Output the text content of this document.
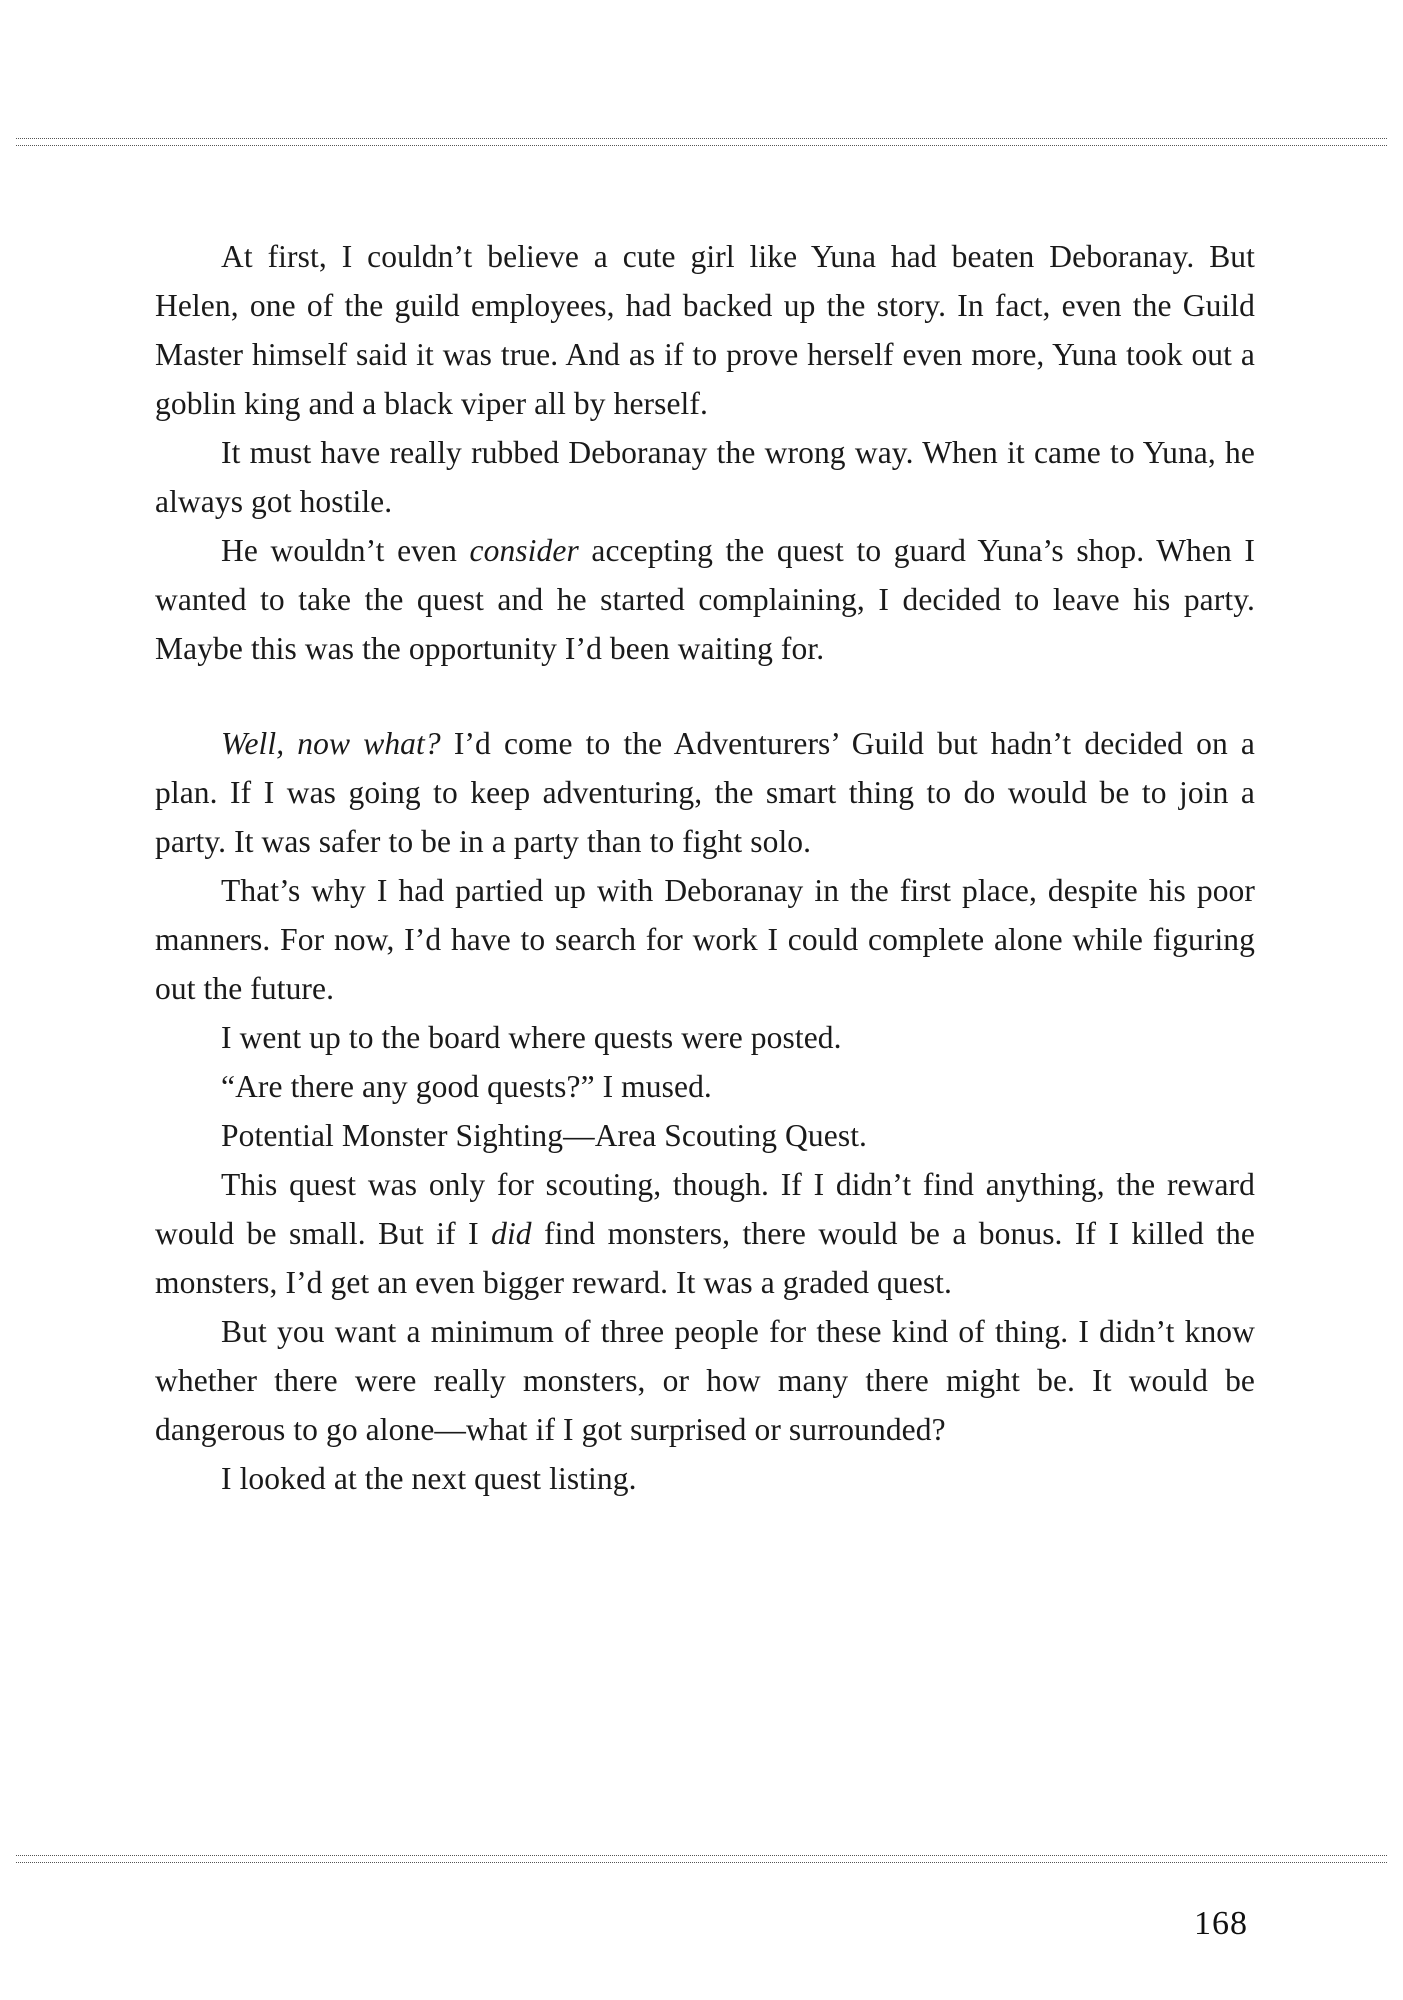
At first, I couldn’t believe a cute girl like Yuna had beaten Deboranay. But Helen, one of the guild employees, had backed up the story. In fact, even the Guild Master himself said it was true. And as if to prove herself even more, Yuna took out a goblin king and a black viper all by herself.

It must have really rubbed Deboranay the wrong way. When it came to Yuna, he always got hostile.

He wouldn’t even consider accepting the quest to guard Yuna’s shop. When I wanted to take the quest and he started complaining, I decided to leave his party. Maybe this was the opportunity I’d been waiting for.

Well, now what? I’d come to the Adventurers’ Guild but hadn’t decided on a plan. If I was going to keep adventuring, the smart thing to do would be to join a party. It was safer to be in a party than to fight solo.

That’s why I had partied up with Deboranay in the first place, despite his poor manners. For now, I’d have to search for work I could complete alone while figuring out the future.

I went up to the board where quests were posted.

“Are there any good quests?” I mused.

Potential Monster Sighting—Area Scouting Quest.

This quest was only for scouting, though. If I didn’t find anything, the reward would be small. But if I did find monsters, there would be a bonus. If I killed the monsters, I’d get an even bigger reward. It was a graded quest.

But you want a minimum of three people for these kind of thing. I didn’t know whether there were really monsters, or how many there might be. It would be dangerous to go alone—what if I got surprised or surrounded?

I looked at the next quest listing.

168
